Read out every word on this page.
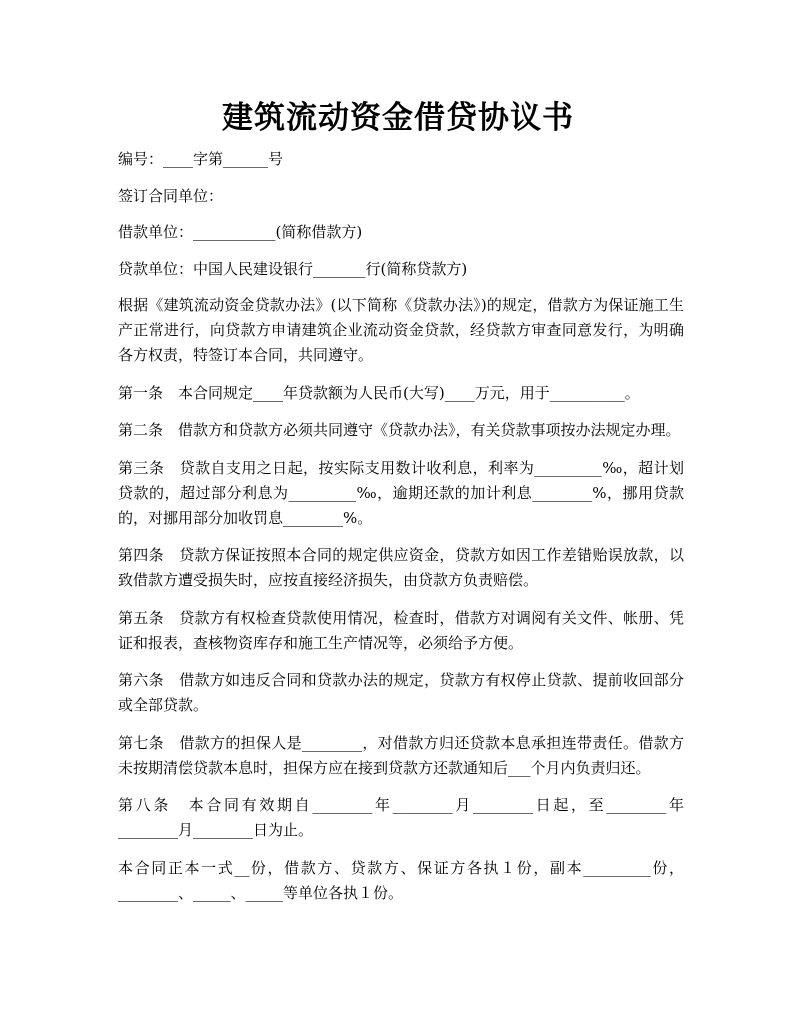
建筑流动资金借贷协议书

编号：____字第______号

签订合同单位：

借款单位：___________(简称借款方)

贷款单位：中国人民建设银行_______行(简称贷款方)

根据《建筑流动资金贷款办法》(以下简称《贷款办法》)的规定，借款方为保证施工生产正常进行，向贷款方申请建筑企业流动资金贷款，经贷款方审查同意发行，为明确各方权责，特签订本合同，共同遵守。

第一条　本合同规定____年贷款额为人民币(大写)____万元，用于__________。

第二条　借款方和贷款方必须共同遵守《贷款办法》，有关贷款事项按办法规定办理。

第三条　贷款自支用之日起，按实际支用数计收利息，利率为_________‰，超计划贷款的，超过部分利息为_________‰，逾期还款的加计利息________%，挪用贷款的，对挪用部分加收罚息________%。

第四条　贷款方保证按照本合同的规定供应资金，贷款方如因工作差错贻误放款，以致借款方遭受损失时，应按直接经济损失，由贷款方负责赔偿。

第五条　贷款方有权检查贷款使用情况，检查时，借款方对调阅有关文件、帐册、凭证和报表，查核物资库存和施工生产情况等，必须给予方便。

第六条　借款方如违反合同和贷款办法的规定，贷款方有权停止贷款、提前收回部分或全部贷款。

第七条　借款方的担保人是________，对借款方归还贷款本息承担连带责任。借款方未按期清偿贷款本息时，担保方应在接到贷款方还款通知后___个月内负责归还。

第八条　本合同有效期自________年________月________日起，至________年________月________日为止。

本合同正本一式__份，借款方、贷款方、保证方各执１份，副本_________份，________、_____、_____等单位各执１份。
